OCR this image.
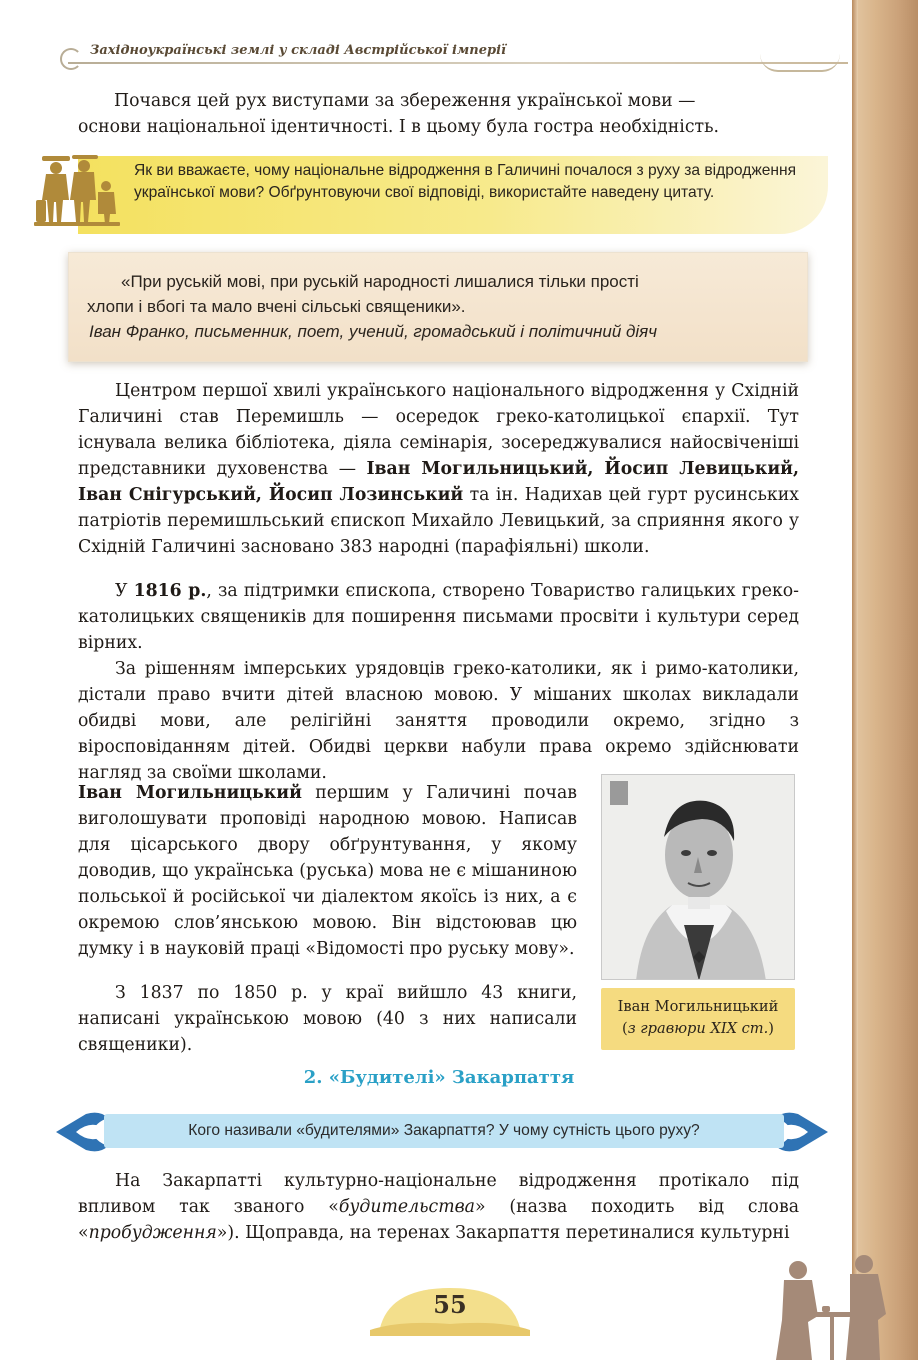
Західноукраїнські землі у складі Австрійської імперії

Почався цей рух виступами за збереження української мови —

основи національної ідентичності. І в цьому була гостра необхідність.

Як ви вважаєте, чому національне відродження в Галичині почалося з руху за відродження української мови? Обґрунтовуючи свої відповіді, використайте наведену цитату.
«При руській мові, при руській народності лишалися тільки прості
хлопи і вбогі та мало вчені сільські священики».
Іван Франко, письменник, поет, учений, громадський і політичний діяч

Центром першої хвилі українського національного відродження у Східній Галичині став Перемишль — осередок греко-католицької єпархії. Тут існувала велика бібліотека, діяла семінарія, зосереджувалися найосвіченіші представники духовенства — Іван Могильницький, Йосип Левицький, Іван Снігурський, Йосип Лозинський та ін. Надихав цей гурт русинських патріотів перемишльський єпископ Михайло Левицький, за сприяння якого у Східній Галичині засновано 383 народні (парафіяльні) школи.

У 1816 р., за підтримки єпископа, створено Товариство галицьких греко-католицьких священиків для поширення письмами просвіти і культури серед вірних.

За рішенням імперських урядовців греко-католики, як і римо-католики, дістали право вчити дітей власною мовою. У мішаних школах викладали обидві мови, але релігійні заняття проводили окремо, згідно з віросповіданням дітей. Обидві церкви набули права окремо здійснювати нагляд за своїми школами.

Іван Могильницький першим у Галичині почав виголошувати проповіді народною мовою. Написав для цісарського двору обґрунтування, у якому доводив, що українська (руська) мова не є мішаниною польської й російської чи діалектом якоїсь із них, а є окремою слов’янською мовою. Він відстоював цю думку і в науковій праці «Відомості про руську мову».

З 1837 по 1850 р. у краї вийшло 43 книги, написані українською мовою (40 з них написали священики).

Іван Могильницький
(з гравюри XIX ст.)
2. «Будителі» Закарпаття
Кого називали «будителями» Закарпаття? У чому сутність цього руху?

На Закарпатті культурно-національне відродження протікало під впливом так званого «будительства» (назва походить від слова «пробудження»). Щоправда, на теренах Закарпаття перетиналися культурні

55
